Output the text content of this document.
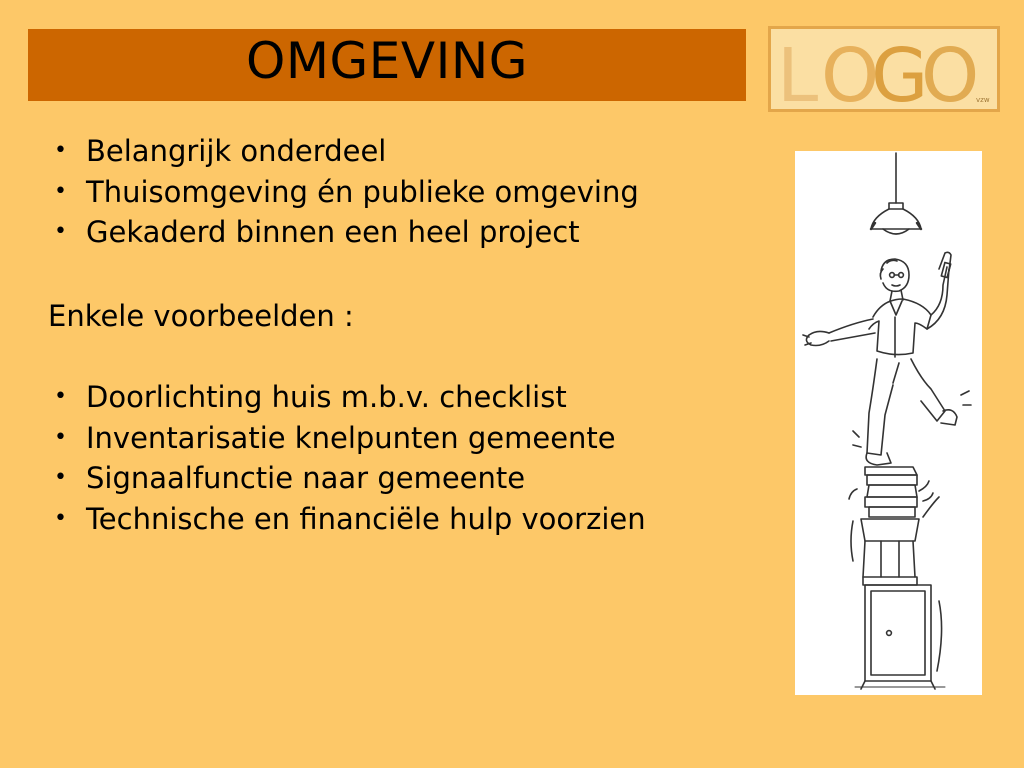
OMGEVING	L O
G
O
vzw
• Belangrijk onderdeel
• Thuisomgeving én publieke omgeving
• Gekaderd binnen een heel project
Enkele voorbeelden :
• Doorlichting huis m.b.v. checklist
• Inventarisatie knelpunten gemeente
• Signaalfunctie naar gemeente
• Technische en financiële hulp voorzien
